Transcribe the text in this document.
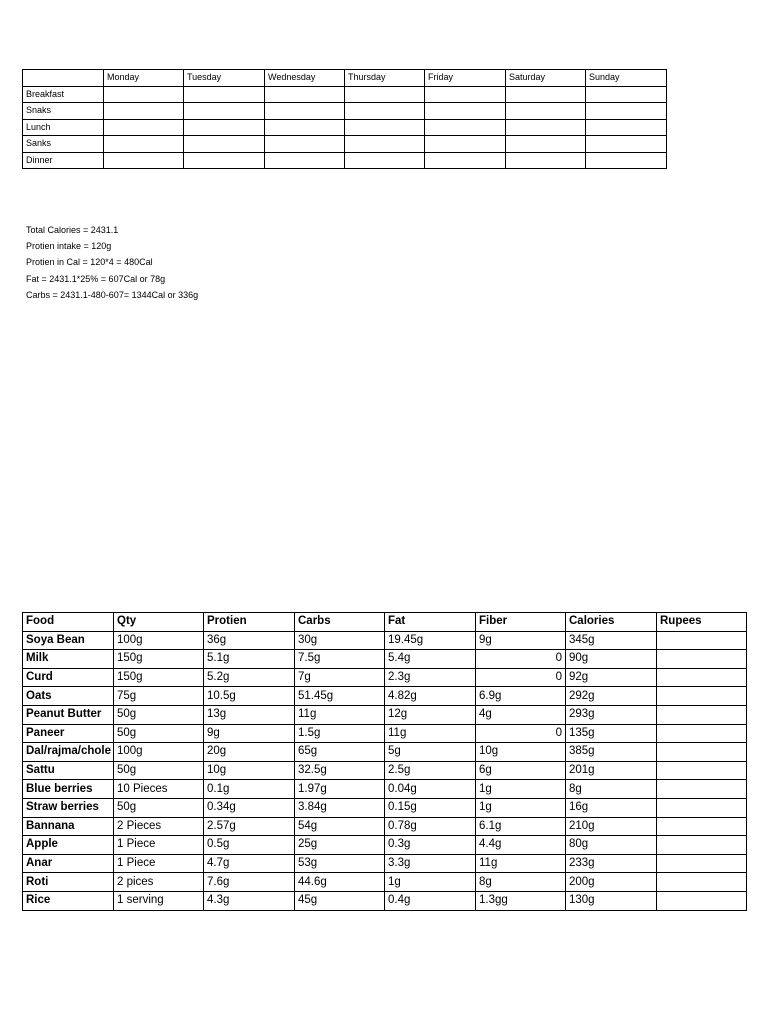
	Monday	Tuesday	Wednesday	Thursday	Friday	Saturday	Sunday
Breakfast							
Snaks							
Lunch							
Sanks							
Dinner							
Total Calories = 2431.1
Protien intake = 120g
Protien in Cal = 120*4 = 480Cal
Fat = 2431.1*25% = 607Cal or 78g
Carbs = 2431.1-480-607= 1344Cal or 336g
Food	Qty	Protien	Carbs	Fat	Fiber	Calories	Rupees
Soya Bean	100g	36g	30g	19.45g	9g	345g	
Milk	150g	5.1g	7.5g	5.4g	0	90g	
Curd	150g	5.2g	7g	2.3g	0	92g	
Oats	75g	10.5g	51.45g	4.82g	6.9g	292g	
Peanut Butter	50g	13g	11g	12g	4g	293g	
Paneer	50g	9g	1.5g	11g	0	135g	
Dal/rajma/chole	100g	20g	65g	5g	10g	385g	
Sattu	50g	10g	32.5g	2.5g	6g	201g	
Blue berries	10 Pieces	0.1g	1.97g	0.04g	1g	8g	
Straw berries	50g	0.34g	3.84g	0.15g	1g	16g	
Bannana	2 Pieces	2.57g	54g	0.78g	6.1g	210g	
Apple	1 Piece	0.5g	25g	0.3g	4.4g	80g	
Anar	1 Piece	4.7g	53g	3.3g	11g	233g	
Roti	2 pices	7.6g	44.6g	1g	8g	200g	
Rice	1 serving	4.3g	45g	0.4g	1.3gg	130g	
